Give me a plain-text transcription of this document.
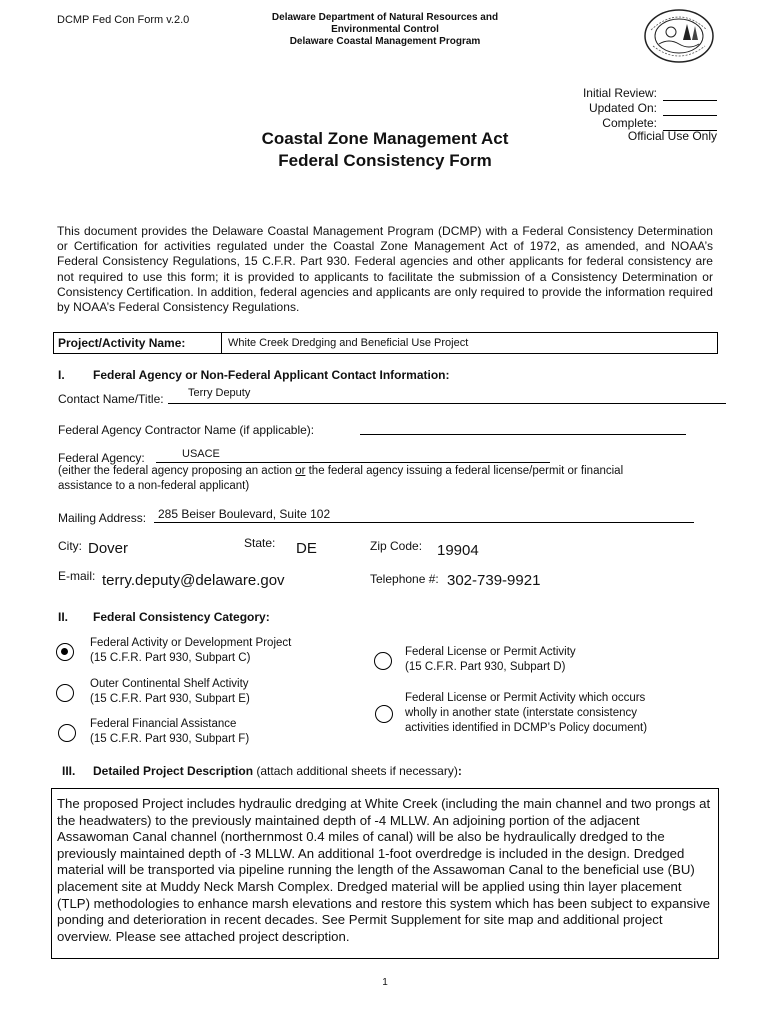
DCMP Fed Con Form v.2.0	Delaware Department of Natural Resources and
Environmental Control
Delaware Coastal Management Program
Initial Review:
Updated On:
Complete:
Official Use Only
Coastal Zone Management Act
Federal Consistency Form
This document provides the Delaware Coastal Management Program (DCMP) with a Federal Consistency Determination or Certification for activities regulated under the Coastal Zone Management Act of 1972, as amended, and NOAA’s Federal Consistency Regulations, 15 C.F.R. Part 930. Federal agencies and other applicants for federal consistency are not required to use this form; it is provided to applicants to facilitate the submission of a Consistency Determination or Consistency Certification. In addition, federal agencies and applicants are only required to provide the information required by NOAA’s Federal Consistency Regulations.
Project/Activity Name:	White Creek Dredging and Beneficial Use Project
I. Federal Agency or Non-Federal Applicant Contact Information:
Contact Name/Title: Terry Deputy
Federal Agency Contractor Name (if applicable):
Federal Agency:	USACE
(either the federal agency proposing an action or the federal agency issuing a federal license/permit or financial
assistance to a non-federal applicant)
Mailing Address: 285 Beiser Boulevard, Suite 102
City: Dover	State: DE	Zip Code: 19904
E-mail: terry.deputy@delaware.gov	Telephone #: 302-739-9921
II. Federal Consistency Category:
Federal Activity or Development Project
(15 C.F.R. Part 930, Subpart C)
Outer Continental Shelf Activity
(15 C.F.R. Part 930, Subpart E)
Federal Financial Assistance
(15 C.F.R. Part 930, Subpart F)
Federal License or Permit Activity
(15 C.F.R. Part 930, Subpart D)
Federal License or Permit Activity which occurs
wholly in another state (interstate consistency
activities identified in DCMP’s Policy document)
III. Detailed Project Description (attach additional sheets if necessary):
The proposed Project includes hydraulic dredging at White Creek (including the main channel and two prongs at the headwaters) to the previously maintained depth of -4 MLLW. An adjoining portion of the adjacent Assawoman Canal channel (northernmost 0.4 miles of canal) will be also be hydraulically dredged to the previously maintained depth of -3 MLLW. An additional 1-foot overdredge is included in the design. Dredged material will be transported via pipeline running the length of the Assawoman Canal to the beneficial use (BU) placement site at Muddy Neck Marsh Complex. Dredged material will be applied using thin layer placement (TLP) methodologies to enhance marsh elevations and restore this system which has been subject to expansive ponding and deterioration in recent decades. See Permit Supplement for site map and additional project overview. Please see attached project description.
1
